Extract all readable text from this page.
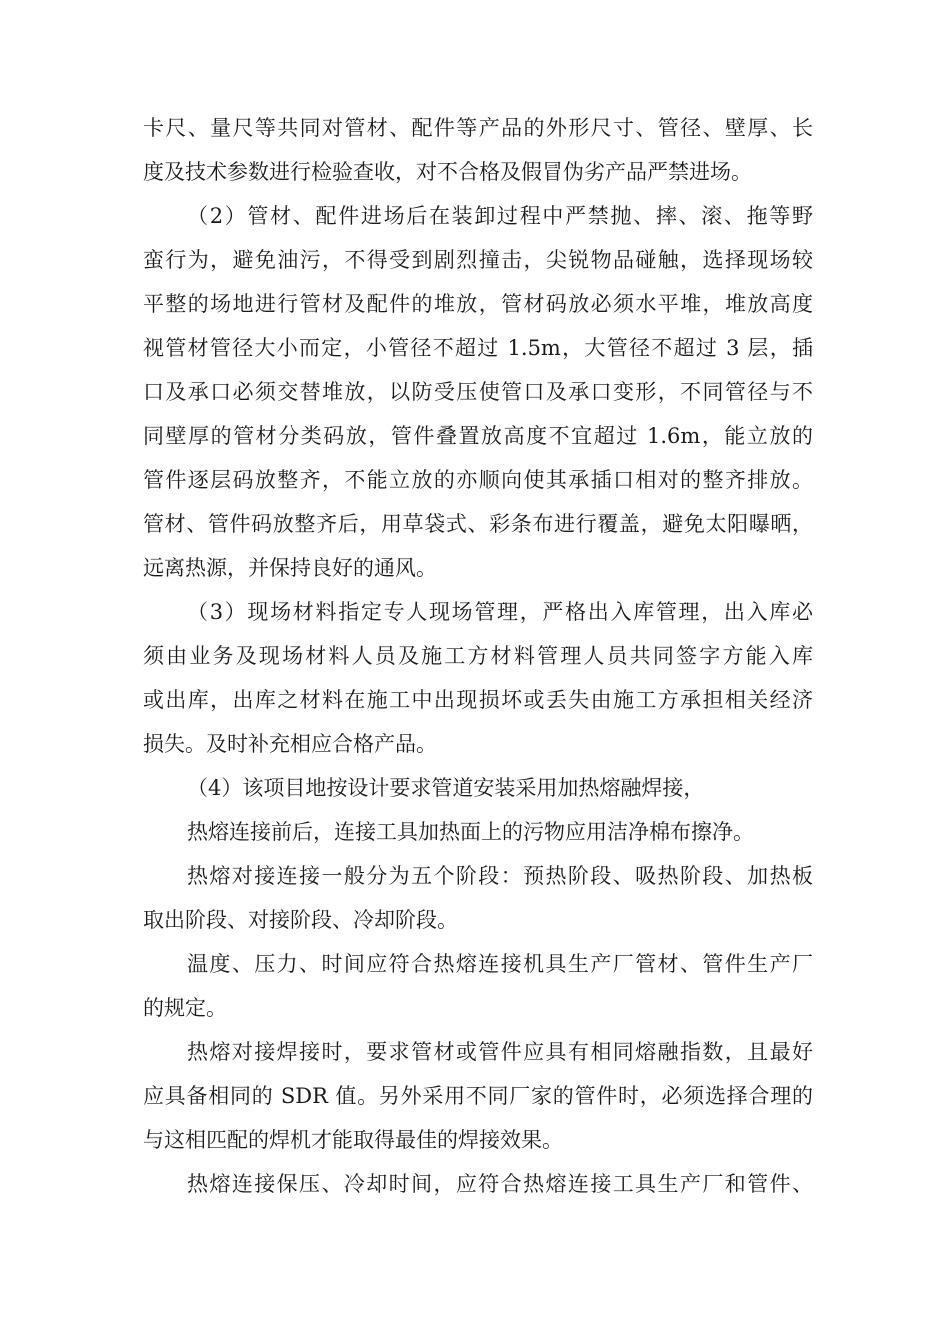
卡尺、量尺等共同对管材、配件等产品的外形尺寸、管径、壁厚、长
度及技术参数进行检验查收，对不合格及假冒伪劣产品严禁进场。
（2）管材、配件进场后在装卸过程中严禁抛、摔、滚、拖等野
蛮行为，避免油污，不得受到剧烈撞击，尖锐物品碰触，选择现场较
平整的场地进行管材及配件的堆放，管材码放必须水平堆，堆放高度
视管材管径大小而定，小管径不超过 1.5m，大管径不超过 3 层，插
口及承口必须交替堆放，以防受压使管口及承口变形，不同管径与不
同壁厚的管材分类码放，管件叠置放高度不宜超过 1.6m，能立放的
管件逐层码放整齐，不能立放的亦顺向使其承插口相对的整齐排放。
管材、管件码放整齐后，用草袋式、彩条布进行覆盖，避免太阳曝晒，
远离热源，并保持良好的通风。
（3）现场材料指定专人现场管理，严格出入库管理，出入库必
须由业务及现场材料人员及施工方材料管理人员共同签字方能入库
或出库，出库之材料在施工中出现损坏或丢失由施工方承担相关经济
损失。及时补充相应合格产品。
（4）该项目地按设计要求管道安装采用加热熔融焊接，
热熔连接前后，连接工具加热面上的污物应用洁净棉布擦净。
热熔对接连接一般分为五个阶段：预热阶段、吸热阶段、加热板
取出阶段、对接阶段、冷却阶段。
温度、压力、时间应符合热熔连接机具生产厂管材、管件生产厂
的规定。
热熔对接焊接时，要求管材或管件应具有相同熔融指数，且最好
应具备相同的 SDR 值。另外采用不同厂家的管件时，必须选择合理的
与这相匹配的焊机才能取得最佳的焊接效果。
热熔连接保压、冷却时间，应符合热熔连接工具生产厂和管件、
